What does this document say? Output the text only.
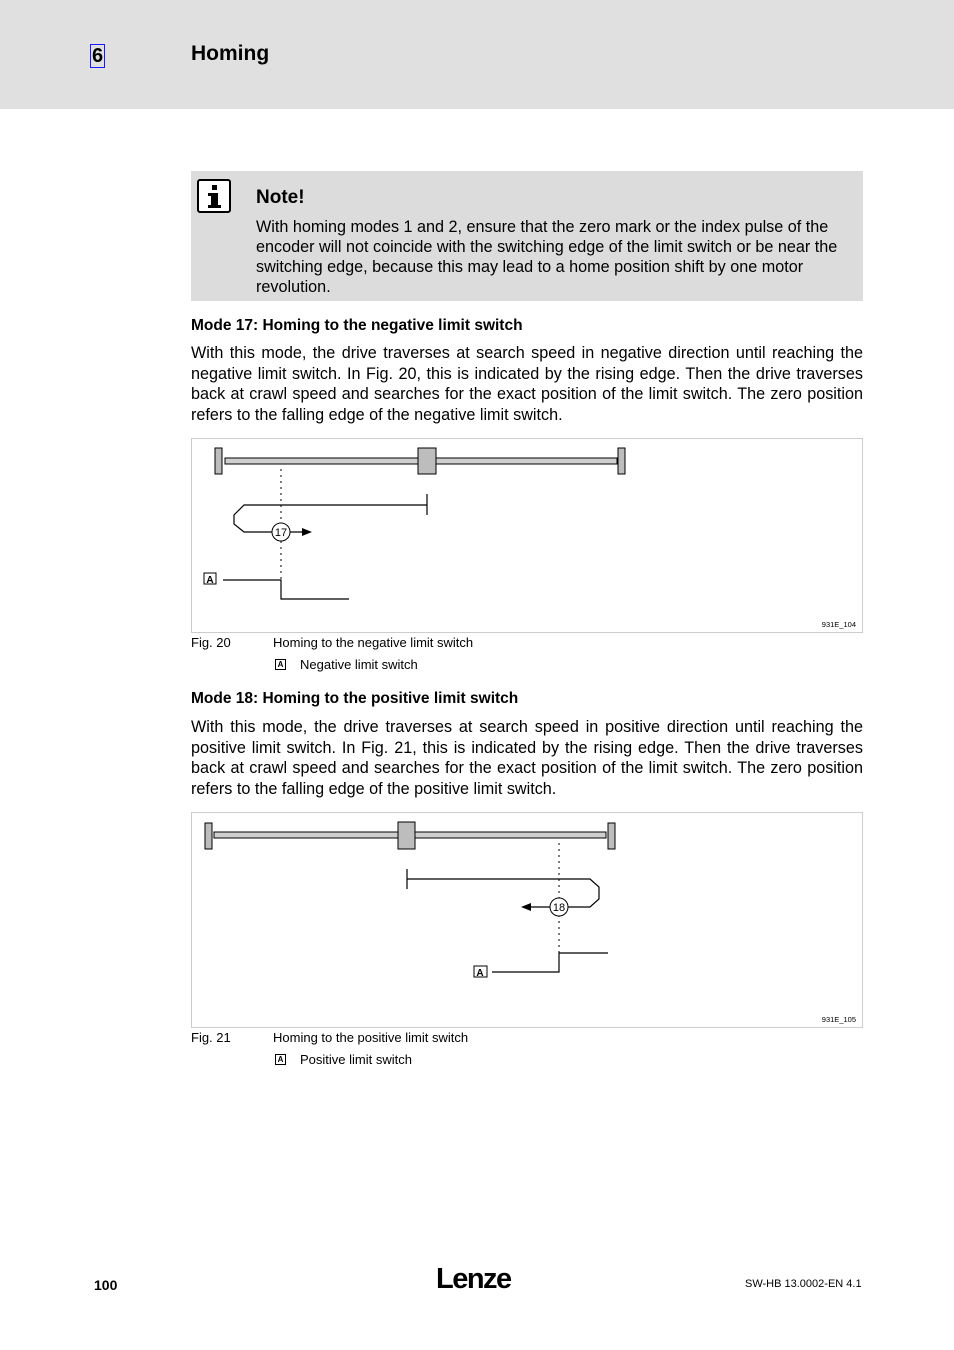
6	Homing
Note!
With homing modes 1 and 2, ensure that the zero mark or the index pulse of the encoder will not coincide with the switching edge of the limit switch or be near the switching edge, because this may lead to a home position shift by one motor revolution.
Mode 17: Homing to the negative limit switch
With this mode, the drive traverses at search speed in negative direction until reaching the negative limit switch. In Fig. 20, this is indicated by the rising edge. Then the drive traverses back at crawl speed and searches for the exact position of the limit switch. The zero position refers to the falling edge of the negative limit switch.
17
A
931E_104
Fig. 20	Homing to the negative limit switch
A Negative limit switch
Mode 18: Homing to the positive limit switch
With this mode, the drive traverses at search speed in positive direction until reaching the positive limit switch. In Fig. 21, this is indicated by the rising edge. Then the drive traverses back at crawl speed and searches for the exact position of the limit switch. The zero position refers to the falling edge of the positive limit switch.
18
A
931E_105
Fig. 21	Homing to the positive limit switch
A Positive limit switch
100	Lenze	SW-HB 13.0002-EN 4.1
